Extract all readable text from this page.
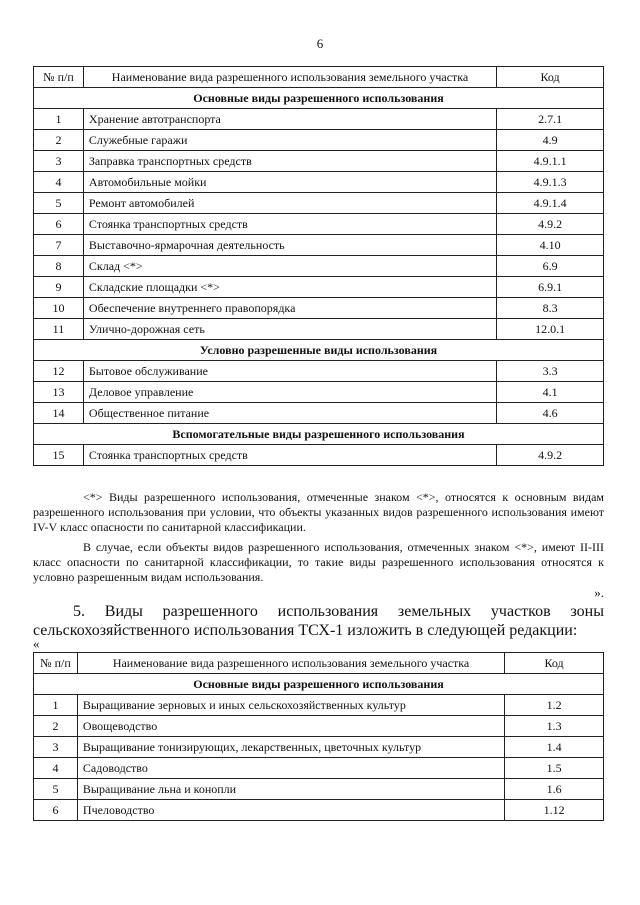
6
№ п/п	Наименование вида разрешенного использования земельного участка	Код
Основные виды разрешенного использования		
1	Хранение автотранспорта	2.7.1
2	Служебные гаражи	4.9
3	Заправка транспортных средств	4.9.1.1
4	Автомобильные мойки	4.9.1.3
5	Ремонт автомобилей	4.9.1.4
6	Стоянка транспортных средств	4.9.2
7	Выставочно-ярмарочная деятельность	4.10
8	Склад <*>	6.9
9	Складские площадки <*>	6.9.1
10	Обеспечение внутреннего правопорядка	8.3
11	Улично-дорожная сеть	12.0.1
Условно разрешенные виды использования		
12	Бытовое обслуживание	3.3
13	Деловое управление	4.1
14	Общественное питание	4.6
Вспомогательные виды разрешенного использования		
15	Стоянка транспортных средств	4.9.2
<*> Виды разрешенного использования, отмеченные знаком <*>, относятся к основным видам разрешенного использования при условии, что объекты указанных видов разрешенного использования имеют IV-V класс опасности по санитарной классификации.
В случае, если объекты видов разрешенного использования, отмеченных знаком <*>, имеют II-III класс опасности по санитарной классификации, то такие виды разрешенного использования относятся к условно разрешенным видам использования.
».
5. Виды разрешенного использования земельных участков зоны сельскохозяйственного использования ТСХ-1 изложить в следующей редакции:
«
№ п/п	Наименование вида разрешенного использования земельного участка	Код
Основные виды разрешенного использования		
1	Выращивание зерновых и иных сельскохозяйственных культур	1.2
2	Овощеводство	1.3
3	Выращивание тонизирующих, лекарственных, цветочных культур	1.4
4	Садоводство	1.5
5	Выращивание льна и конопли	1.6
6	Пчеловодство	1.12
